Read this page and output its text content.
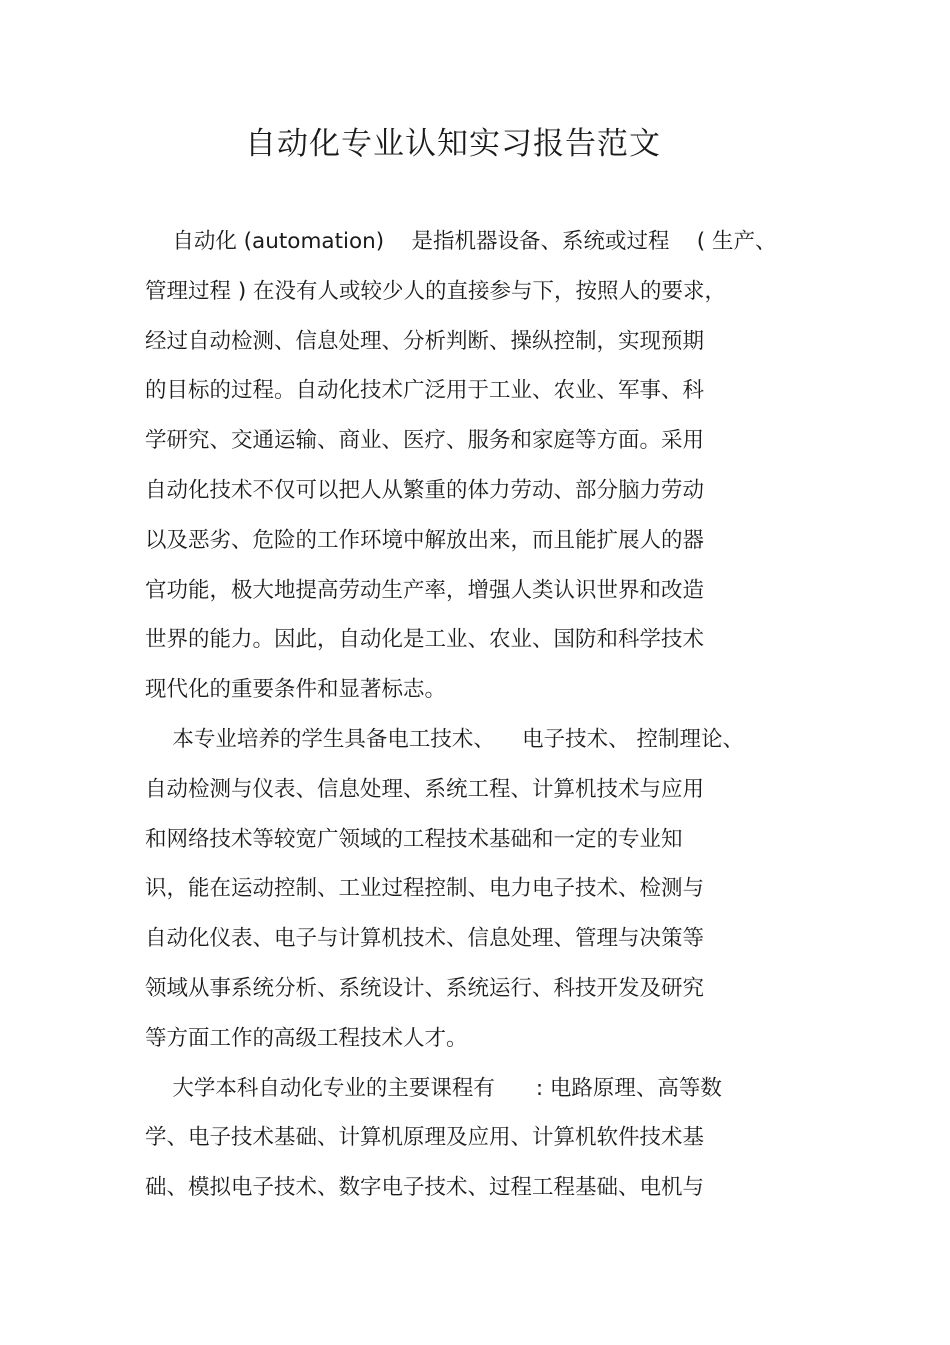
自动化专业认知实习报告范文
自动化 (automation)    是指机器设备、系统或过程    ( 生产、
管理过程 ) 在没有人或较少人的直接参与下，按照人的要求，
经过自动检测、信息处理、分析判断、操纵控制，实现预期
的目标的过程。自动化技术广泛用于工业、农业、军事、科
学研究、交通运输、商业、医疗、服务和家庭等方面。采用
自动化技术不仅可以把人从繁重的体力劳动、部分脑力劳动
以及恶劣、危险的工作环境中解放出来，而且能扩展人的器
官功能，极大地提高劳动生产率，增强人类认识世界和改造
世界的能力。因此，自动化是工业、农业、国防和科学技术
现代化的重要条件和显著标志。
本专业培养的学生具备电工技术、    电子技术、 控制理论、
自动检测与仪表、信息处理、系统工程、计算机技术与应用
和网络技术等较宽广领域的工程技术基础和一定的专业知
识，能在运动控制、工业过程控制、电力电子技术、检测与
自动化仪表、电子与计算机技术、信息处理、管理与决策等
领域从事系统分析、系统设计、系统运行、科技开发及研究
等方面工作的高级工程技术人才。
大学本科自动化专业的主要课程有      : 电路原理、高等数
学、电子技术基础、计算机原理及应用、计算机软件技术基
础、模拟电子技术、数字电子技术、过程工程基础、电机与
